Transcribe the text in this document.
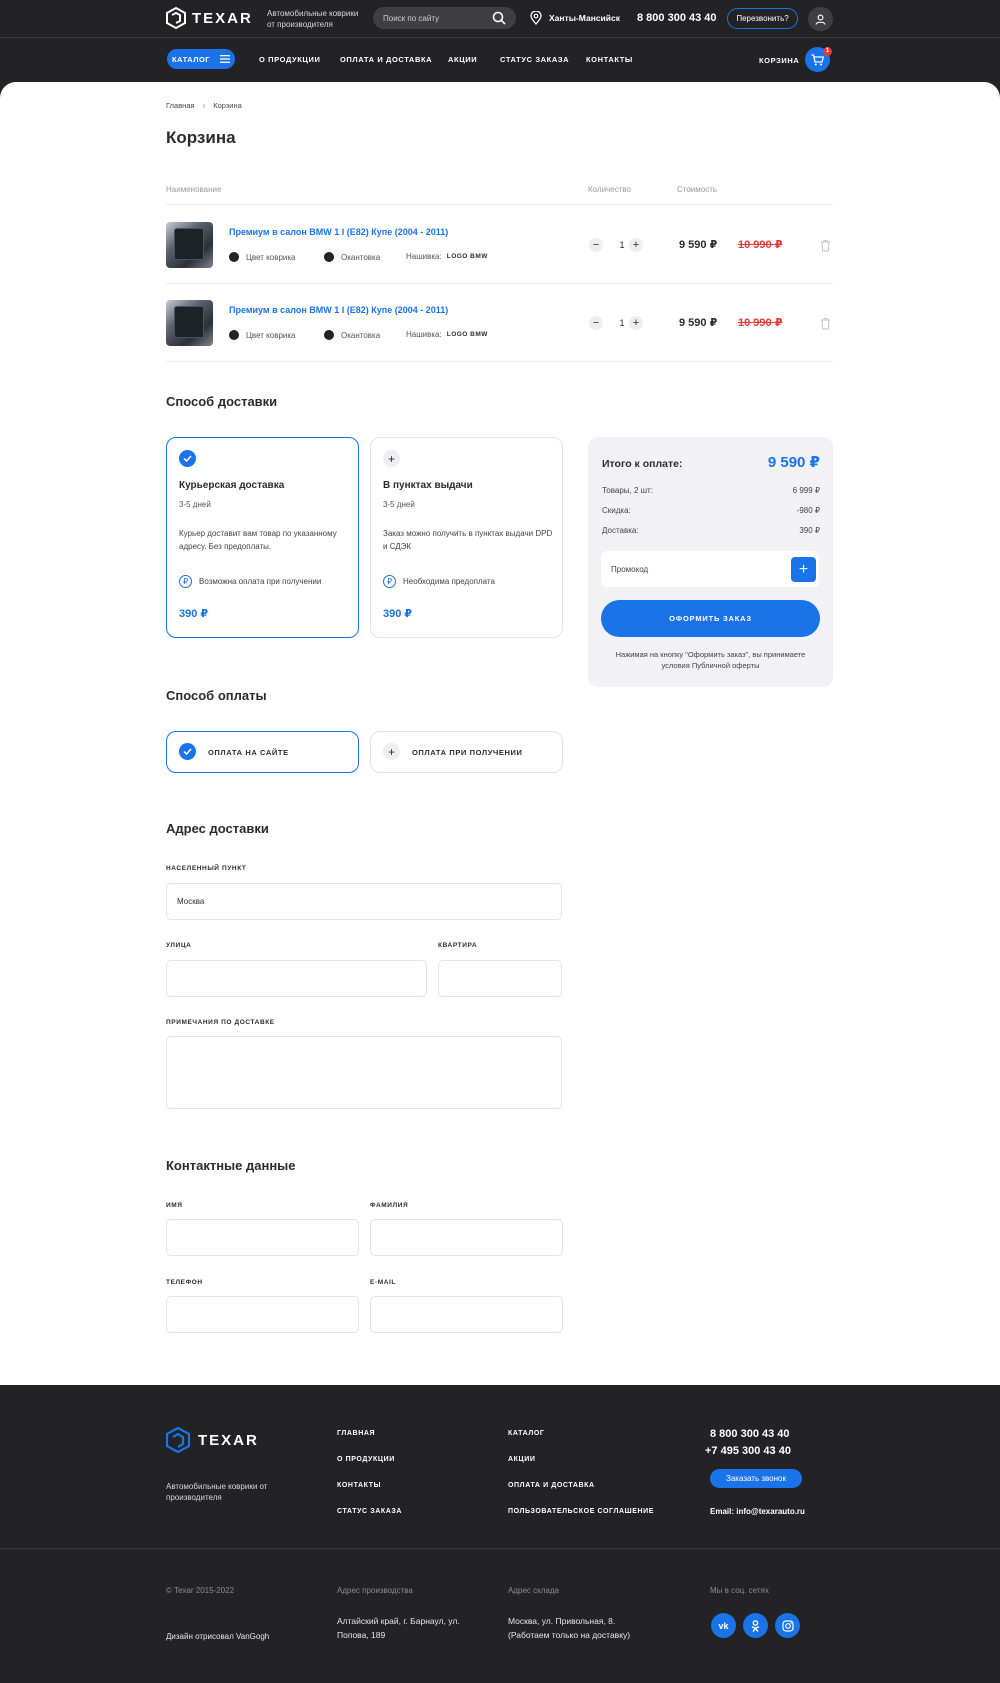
TEXAR Автомобильные коврики от производителя
Поиск по сайту
Ханты-Мансийск 8 800 300 43 40	Перезвонить?
КАТАЛОГ	О ПРОДУКЦИИ	ОПЛАТА И ДОСТАВКА АКЦИИ	СТАТУС ЗАКАЗА КОНТАКТЫ	КОРЗИНА
1
Главная › Корзина
Корзина
Наименование	Количество	Стоимость
Премиум в салон BMW 1 I (E82) Купе (2004 - 2011)
Цвет коврика	Окантовка	Нашивка: LOGO BMW
−	1 +	9 590 ₽ 10 990 ₽
Премиум в салон BMW 1 I (E82) Купе (2004 - 2011)
Цвет коврика	Окантовка	Нашивка: LOGO BMW
−	1 +	9 590 ₽ 10 990 ₽
Способ доставки
Курьерская доставка
3-5 дней
Курьер доставит вам товар по указанному адресу. Без предоплаты.
₽	Возможна оплата при получении
390 ₽
+
В пунктах выдачи
3-5 дней
Заказ можно получить в пунктах выдачи DPD и СДЭК
₽	Необходима предоплата
390 ₽
Итого к оплате:	9 590 ₽
Товары, 2 шт:	6 999 ₽
Скидка:	-980 ₽
Доставка:	390 ₽
Промокод
+
ОФОРМИТЬ ЗАКАЗ
Нажимая на кнопку "Оформить заказ", вы принимаете условия Публичной оферты
Способ оплаты
ОПЛАТА НА САЙТЕ	+	ОПЛАТА ПРИ ПОЛУЧЕНИИ
Адрес доставки
НАСЕЛЕННЫЙ ПУНКТ
Москва
УЛИЦА	КВАРТИРА
ПРИМЕЧАНИЯ ПО ДОСТАВКЕ
Контактные данные
ИМЯ	ФАМИЛИЯ
ТЕЛЕФОН	E-MAIL
TEXAR
Автомобильные коврики от производителя
ГЛАВНАЯ
О ПРОДУКЦИИ
КОНТАКТЫ
СТАТУС ЗАКАЗА
КАТАЛОГ
АКЦИИ
ОПЛАТА И ДОСТАВКА
ПОЛЬЗОВАТЕЛЬСКОЕ СОГЛАШЕНИЕ
8 800 300 43 40
+7 495 300 43 40
Заказать звонок
Email: info@texarauto.ru
© Texar 2015-2022
Дизайн отрисовал VanGogh
Адрес производства
Алтайский край, г. Барнаул, ул. Попова, 189
Адрес склада
Москва, ул. Привольная, 8. (Работаем только на доставку)
Мы в соц. сетях
vk
